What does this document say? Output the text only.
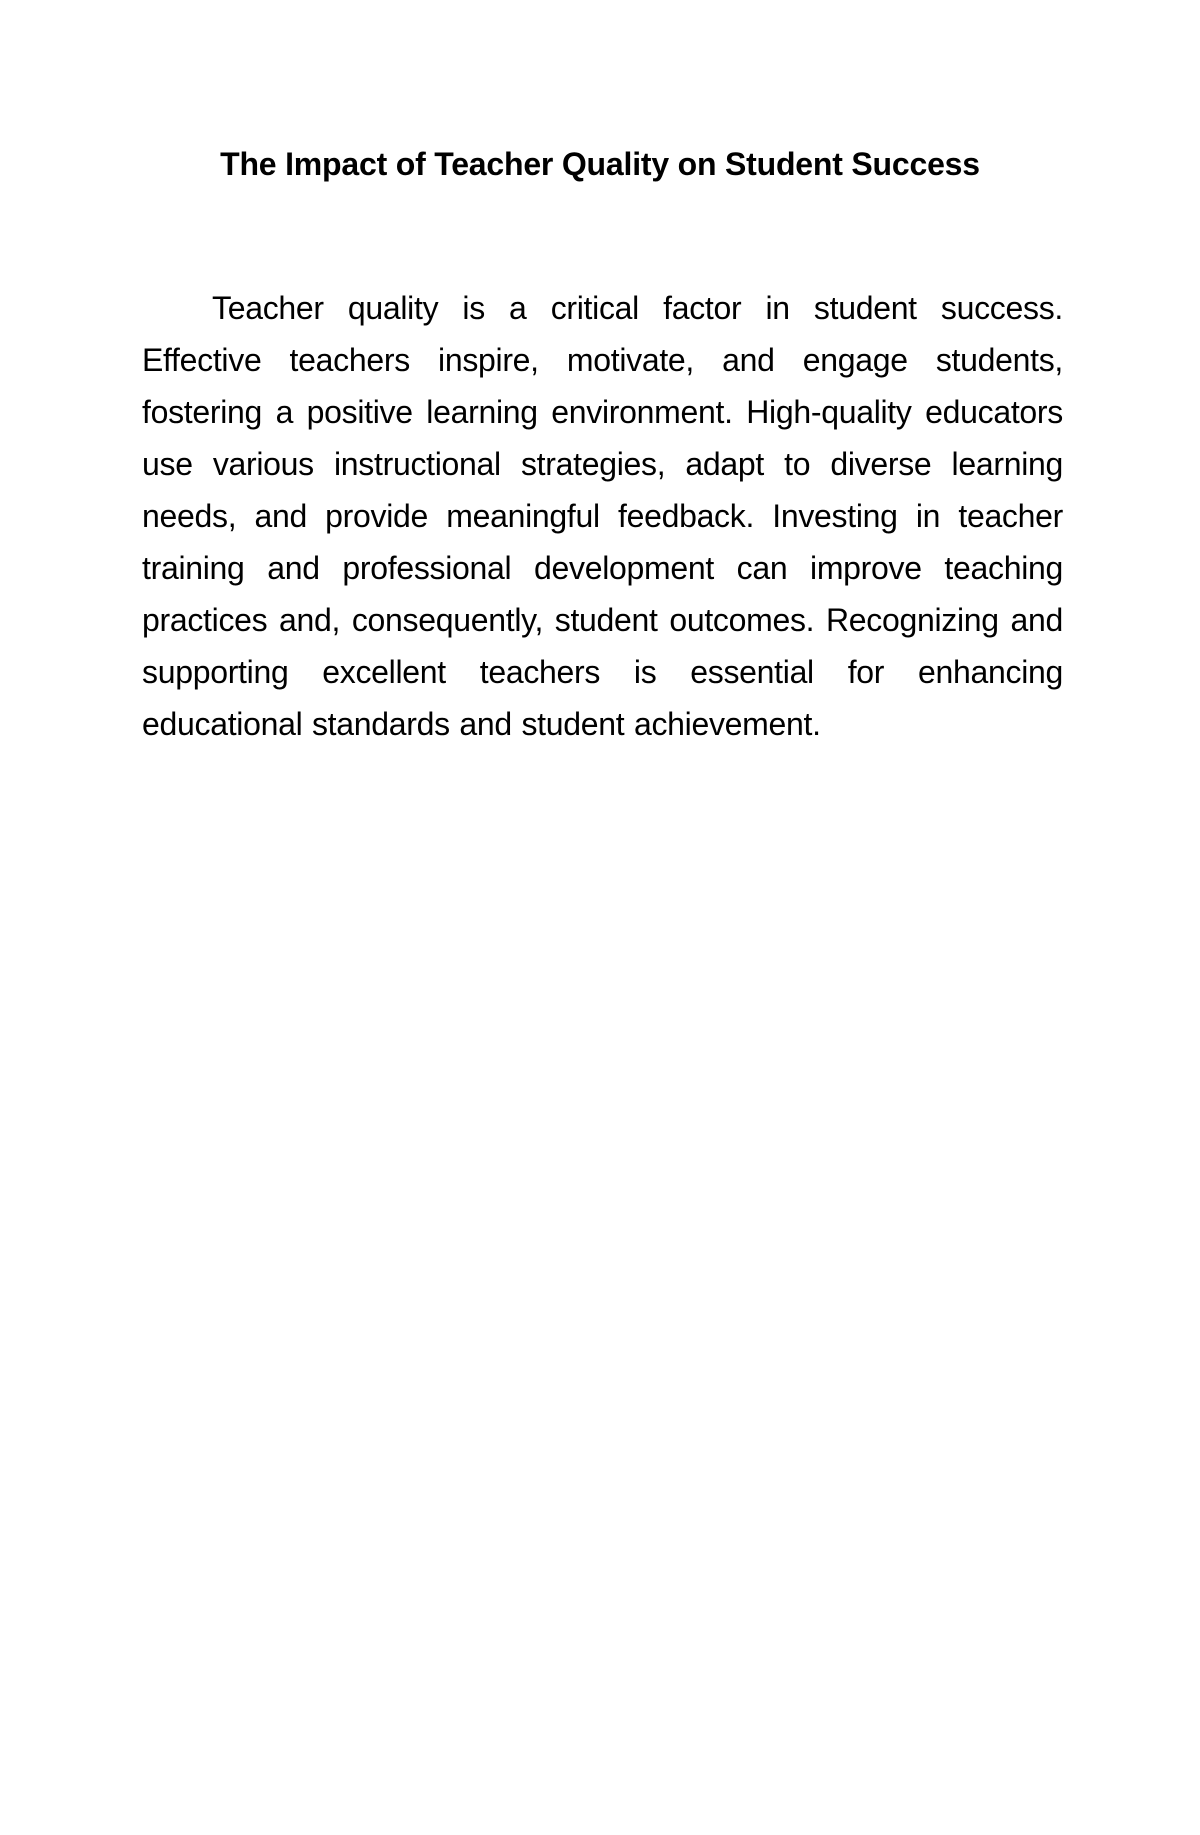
The Impact of Teacher Quality on Student Success

Teacher quality is a critical factor in student success. Effective teachers inspire, motivate, and engage students, fostering a positive learning environment. High-quality educators use various instructional strategies, adapt to diverse learning needs, and provide meaningful feedback. Investing in teacher training and professional development can improve teaching practices and, consequently, student outcomes. Recognizing and supporting excellent teachers is essential for enhancing educational standards and student achievement.
